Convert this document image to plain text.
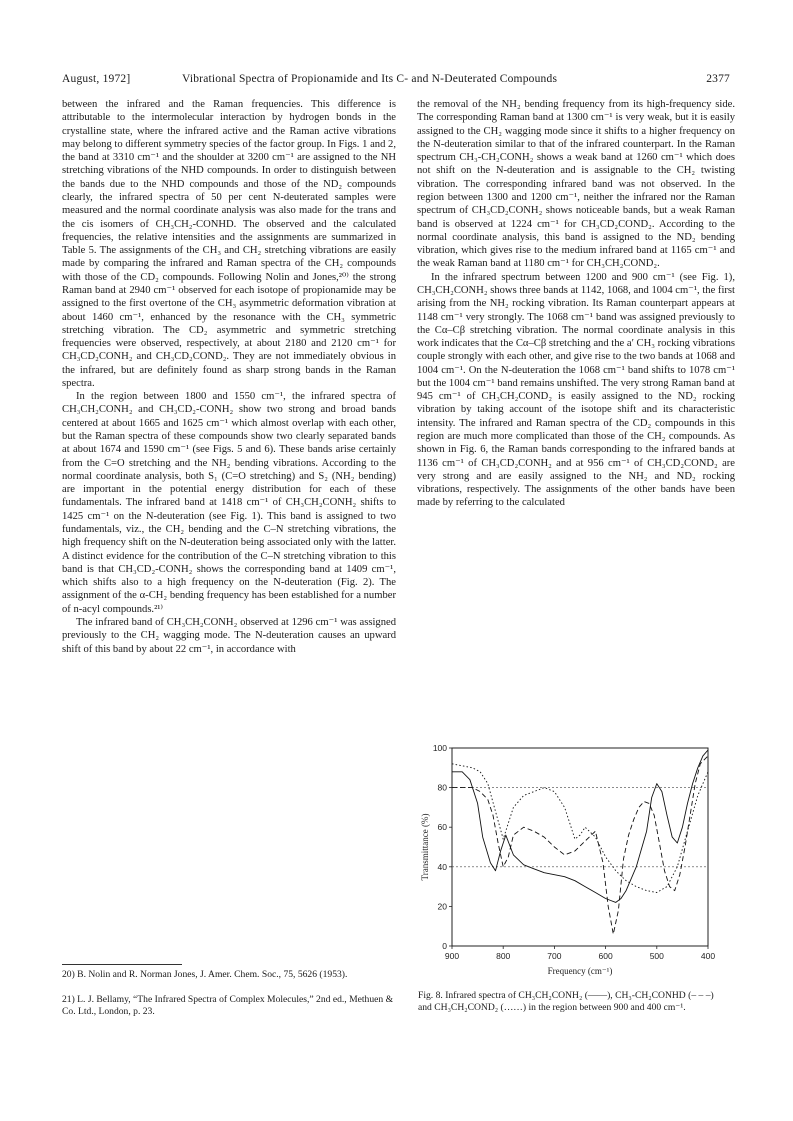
August, 1972]	Vibrational Spectra of Propionamide and Its C- and N-Deuterated Compounds	2377

between the infrared and the Raman frequencies. This difference is attributable to the intermolecular interaction by hydrogen bonds in the crystalline state, where the infrared active and the Raman active vibrations may belong to different symmetry species of the factor group. In Figs. 1 and 2, the band at 3310 cm⁻¹ and the shoulder at 3200 cm⁻¹ are assigned to the NH stretching vibrations of the NHD compounds. In order to distinguish between the bands due to the NHD compounds and those of the ND₂ compounds clearly, the infrared spectra of 50 per cent N-deuterated samples were measured and the normal coordinate analysis was also made for the trans and the cis isomers of CH₃CH₂-CONHD. The observed and the calculated frequencies, the relative intensities and the assignments are summarized in Table 5. The assignments of the CH₃ and CH₂ stretching vibrations are easily made by comparing the infrared and Raman spectra of the CH₂ compounds with those of the CD₂ compounds. Following Nolin and Jones,²⁰⁾ the strong Raman band at 2940 cm⁻¹ observed for each isotope of propionamide may be assigned to the first overtone of the CH₃ asymmetric deformation vibration at about 1460 cm⁻¹, enhanced by the resonance with the CH₃ symmetric stretching vibration. The CD₂ asymmetric and symmetric stretching frequencies were observed, respectively, at about 2180 and 2120 cm⁻¹ for CH₃CD₂CONH₂ and CH₃CD₂COND₂. They are not immediately obvious in the infrared, but are definitely found as sharp strong bands in the Raman spectra.

In the region between 1800 and 1550 cm⁻¹, the infrared spectra of CH₃CH₂CONH₂ and CH₃CD₂-CONH₂ show two strong and broad bands centered at about 1665 and 1625 cm⁻¹ which almost overlap with each other, but the Raman spectra of these compounds show two clearly separated bands at about 1674 and 1590 cm⁻¹ (see Figs. 5 and 6). These bands arise certainly from the C=O stretching and the NH₂ bending vibrations. According to the normal coordinate analysis, both S₁ (C=O stretching) and S₂ (NH₂ bending) are important in the potential energy distribution for each of these fundamentals. The infrared band at 1418 cm⁻¹ of CH₃CH₂CONH₂ shifts to 1425 cm⁻¹ on the N-deuteration (see Fig. 1). This band is assigned to two fundamentals, viz., the CH₂ bending and the C–N stretching vibrations, the high frequency shift on the N-deuteration being associated only with the latter. A distinct evidence for the contribution of the C–N stretching vibration to this band is that CH₃CD₂-CONH₂ shows the corresponding band at 1409 cm⁻¹, which shifts also to a high frequency on the N-deuteration (Fig. 2). The assignment of the α-CH₂ bending frequency has been established for a number of n-acyl compounds.²¹⁾

The infrared band of CH₃CH₂CONH₂ observed at 1296 cm⁻¹ was assigned previously to the CH₂ wagging mode. The N-deuteration causes an upward shift of this band by about 22 cm⁻¹, in accordance with

the removal of the NH₂ bending frequency from its high-frequency side. The corresponding Raman band at 1300 cm⁻¹ is very weak, but it is easily assigned to the CH₂ wagging mode since it shifts to a higher frequency on the N-deuteration similar to that of the infrared counterpart. In the Raman spectrum CH₃-CH₂CONH₂ shows a weak band at 1260 cm⁻¹ which does not shift on the N-deuteration and is assignable to the CH₂ twisting vibration. The corresponding infrared band was not observed. In the region between 1300 and 1200 cm⁻¹, neither the infrared nor the Raman spectrum of CH₃CD₂CONH₂ shows noticeable bands, but a weak Raman band is observed at 1224 cm⁻¹ for CH₃CD₂COND₂. According to the normal coordinate analysis, this band is assigned to the ND₂ bending vibration, which gives rise to the medium infrared band at 1165 cm⁻¹ and the weak Raman band at 1180 cm⁻¹ for CH₃CH₂COND₂.

In the infrared spectrum between 1200 and 900 cm⁻¹ (see Fig. 1), CH₃CH₂CONH₂ shows three bands at 1142, 1068, and 1004 cm⁻¹, the first arising from the NH₂ rocking vibration. Its Raman counterpart appears at 1148 cm⁻¹ very strongly. The 1068 cm⁻¹ band was assigned previously to the Cα–Cβ stretching vibration. The normal coordinate analysis in this work indicates that the Cα–Cβ stretching and the a′ CH₃ rocking vibrations couple strongly with each other, and give rise to the two bands at 1068 and 1004 cm⁻¹. On the N-deuteration the 1068 cm⁻¹ band shifts to 1078 cm⁻¹ but the 1004 cm⁻¹ band remains unshifted. The very strong Raman band at 945 cm⁻¹ of CH₃CH₂COND₂ is easily assigned to the ND₂ rocking vibration by taking account of the isotope shift and its characteristic intensity. The infrared and Raman spectra of the CD₂ compounds in this region are much more complicated than those of the CH₂ compounds. As shown in Fig. 6, the Raman bands corresponding to the infrared bands at 1136 cm⁻¹ of CH₃CD₂CONH₂ and at 956 cm⁻¹ of CH₃CD₂COND₂ are very strong and are easily assigned to the NH₂ and ND₂ rocking vibrations, respectively. The assignments of the other bands have been made by referring to the calculated

20) B. Nolin and R. Norman Jones, J. Amer. Chem. Soc., 75, 5626 (1953).
21) L. J. Bellamy, “The Infrared Spectra of Complex Molecules,” 2nd ed., Methuen & Co. Ltd., London, p. 23.
0
20
40
60
80
100
900	800	700	600	500	400
Transmittance (%)
Frequency (cm⁻¹)
Fig. 8. Infrared spectra of CH₃CH₂CONH₂ (——), CH₃-CH₂CONHD (– – –) and CH₃CH₂COND₂ (……) in the region between 900 and 400 cm⁻¹.
